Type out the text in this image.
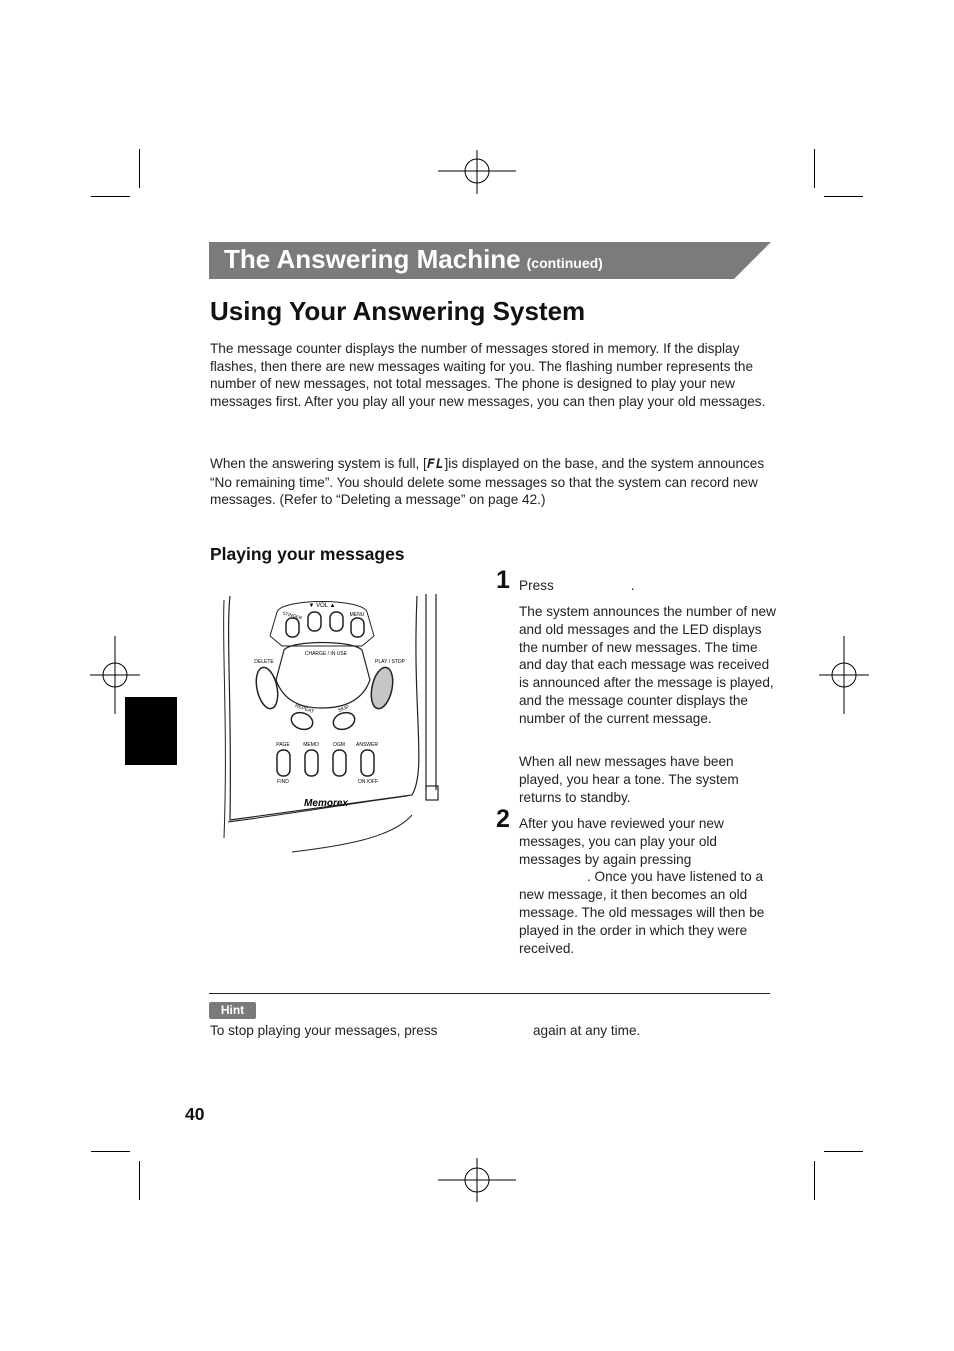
The Answering Machine (continued)
Using Your Answering System

The message counter displays the number of messages stored in memory. If the display flashes, then there are new messages waiting for you. The flashing number represents the number of new messages, not total messages. The phone is designed to play your new messages first. After you play all your new messages, you can then play your old messages.

When the answering system is full, [FL]is displayed on the base, and the system announces “No remaining time”. You should delete some messages so that the system can record new messages. (Refer to “Deleting a message” on page 42.)

Playing your messages
▼ VOL ▲
STINGER	MENU
CHARGE / IN USE
DELETE	PLAY / STOP
REPEAT	SKIP
PAGE	MEMO	OGM ANSWER
FIND	ON /OFF
Memorex
1 Press	.

The system announces the number of new and old messages and the LED displays the number of new messages. The time and day that each message was received is announced after the message is played, and the message counter displays the number of the current message.

When all new messages have been played, you hear a tone. The system returns to standby.

2 After you have reviewed your new messages, you can play your old messages by again pressing
. Once you have listened to a new message, it then becomes an old message. The old messages will then be played in the order in which they were received.

Hint
To stop playing your messages, press	again at any time.
40
